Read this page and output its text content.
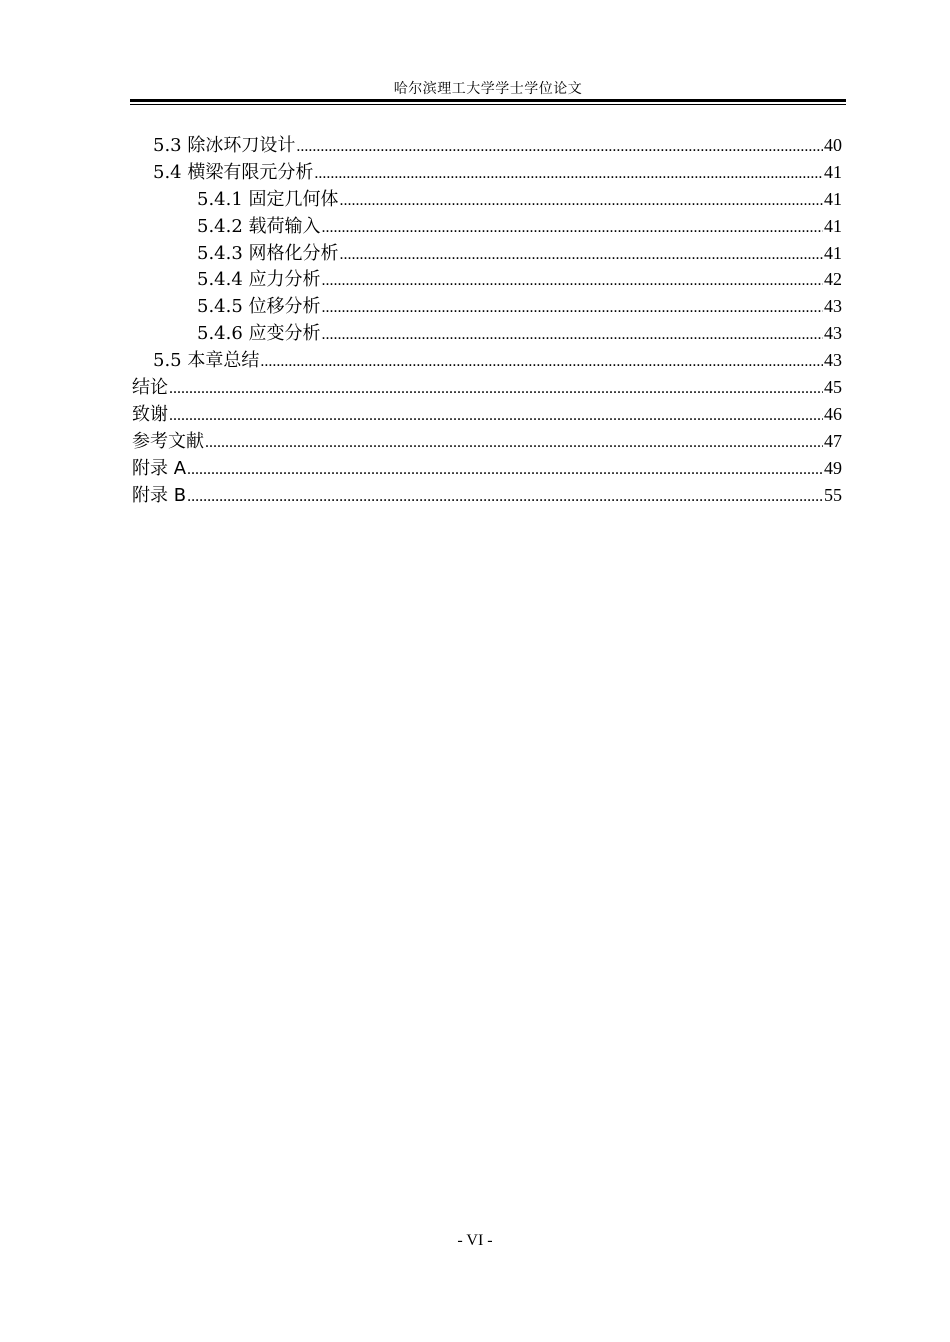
哈尔滨理工大学学士学位论文
5.3 除冰环刀设计 .....	40
5.4 横梁有限元分析 .....	41
5.4.1 固定几何体 .....	41
5.4.2 载荷输入 .....	41
5.4.3 网格化分析 .....	41
5.4.4 应力分析 .....	42
5.4.5 位移分析 .....	43
5.4.6 应变分析 .....	43
5.5 本章总结 .....	43
结论 .....	45
致谢 .....	46
参考文献 .....	47
附录 A .....	49
附录 B .....	55
- VI -
